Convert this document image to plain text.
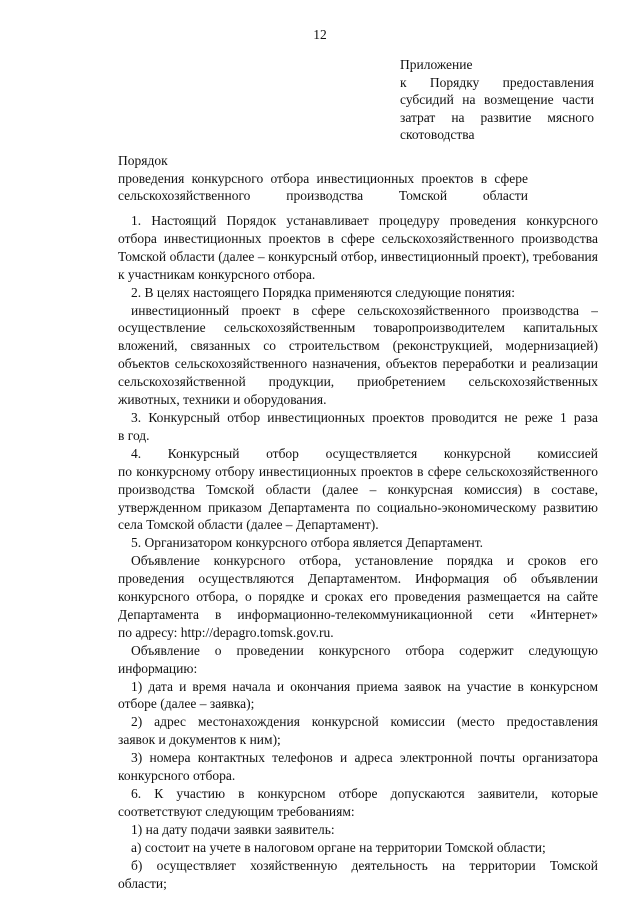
12
Приложение
к Порядку предоставления
субсидий на возмещение части
затрат на развитие мясного
скотоводства
Порядок
проведения конкурсного отбора инвестиционных проектов в сфере
сельскохозяйственного производства Томской области
1. Настоящий Порядок устанавливает процедуру проведения конкурсного
отбора инвестиционных проектов в сфере сельскохозяйственного производства
Томской области (далее – конкурсный отбор, инвестиционный проект), требования
к участникам конкурсного отбора.
2. В целях настоящего Порядка применяются следующие понятия:
инвестиционный проект в сфере сельскохозяйственного производства –
осуществление сельскохозяйственным товаропроизводителем капитальных
вложений, связанных со строительством (реконструкцией, модернизацией)
объектов сельскохозяйственного назначения, объектов переработки и реализации
сельскохозяйственной продукции, приобретением сельскохозяйственных
животных, техники и оборудования.
3. Конкурсный отбор инвестиционных проектов проводится не реже 1 раза
в год.
4. Конкурсный отбор осуществляется конкурсной комиссией
по конкурсному отбору инвестиционных проектов в сфере сельскохозяйственного
производства Томской области (далее – конкурсная комиссия) в составе,
утвержденном приказом Департамента по социально-экономическому развитию
села Томской области (далее – Департамент).
5. Организатором конкурсного отбора является Департамент.
Объявление конкурсного отбора, установление порядка и сроков его
проведения осуществляются Департаментом. Информация об объявлении
конкурсного отбора, о порядке и сроках его проведения размещается на сайте
Департамента в информационно-телекоммуникационной сети «Интернет»
по адресу: http://depagro.tomsk.gov.ru.
Объявление о проведении конкурсного отбора содержит следующую
информацию:
1) дата и время начала и окончания приема заявок на участие в конкурсном
отборе (далее – заявка);
2) адрес местонахождения конкурсной комиссии (место предоставления
заявок и документов к ним);
3) номера контактных телефонов и адреса электронной почты организатора
конкурсного отбора.
6. К участию в конкурсном отборе допускаются заявители, которые
соответствуют следующим требованиям:
1) на дату подачи заявки заявитель:
а) состоит на учете в налоговом органе на территории Томской области;
б) осуществляет хозяйственную деятельность на территории Томской
области;
